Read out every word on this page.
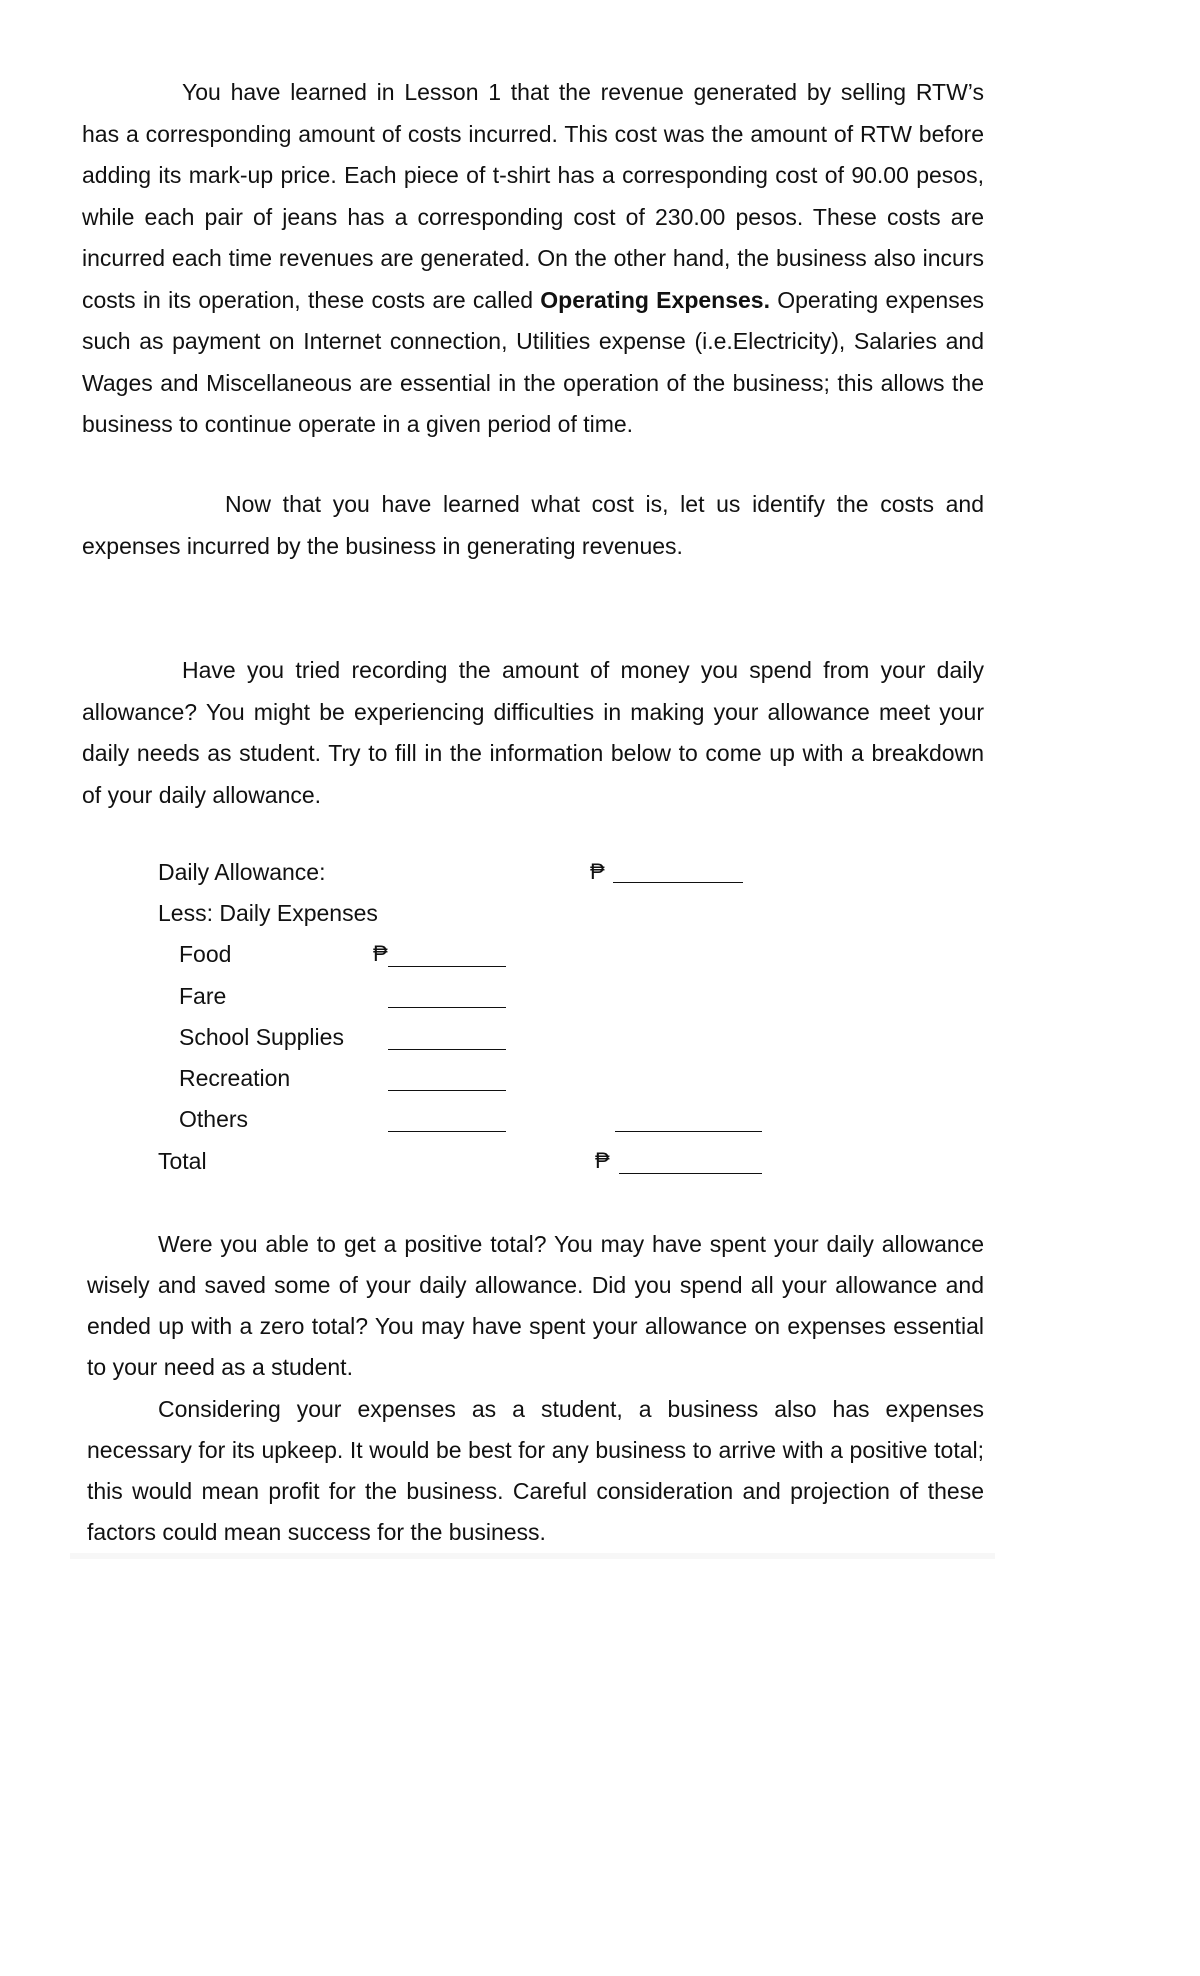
You have learned in Lesson 1 that the revenue generated by selling RTW’s has a corresponding amount of costs incurred. This cost was the amount of RTW before adding its mark-up price. Each piece of t-shirt has a corresponding cost of 90.00 pesos, while each pair of jeans has a corresponding cost of 230.00 pesos. These costs are incurred each time revenues are generated. On the other hand, the business also incurs costs in its operation, these costs are called Operating Expenses. Operating expenses such as payment on Internet connection, Utilities expense (i.e.Electricity), Salaries and Wages and Miscellaneous are essential in the operation of the business; this allows the business to continue operate in a given period of time.

Now that you have learned what cost is, let us identify the costs and expenses incurred by the business in generating revenues.

Have you tried recording the amount of money you spend from your daily allowance? You might be experiencing difficulties in making your allowance meet your daily needs as student. Try to fill in the information below to come up with a breakdown of your daily allowance.

Daily Allowance:	₱
Less: Daily Expenses
Food	₱
Fare
School Supplies
Recreation
Others
Total	₱

Were you able to get a positive total? You may have spent your daily allowance wisely and saved some of your daily allowance. Did you spend all your allowance and ended up with a zero total? You may have spent your allowance on expenses essential to your need as a student.

Considering your expenses as a student, a business also has expenses necessary for its upkeep. It would be best for any business to arrive with a positive total; this would mean profit for the business. Careful consideration and projection of these factors could mean success for the business.
